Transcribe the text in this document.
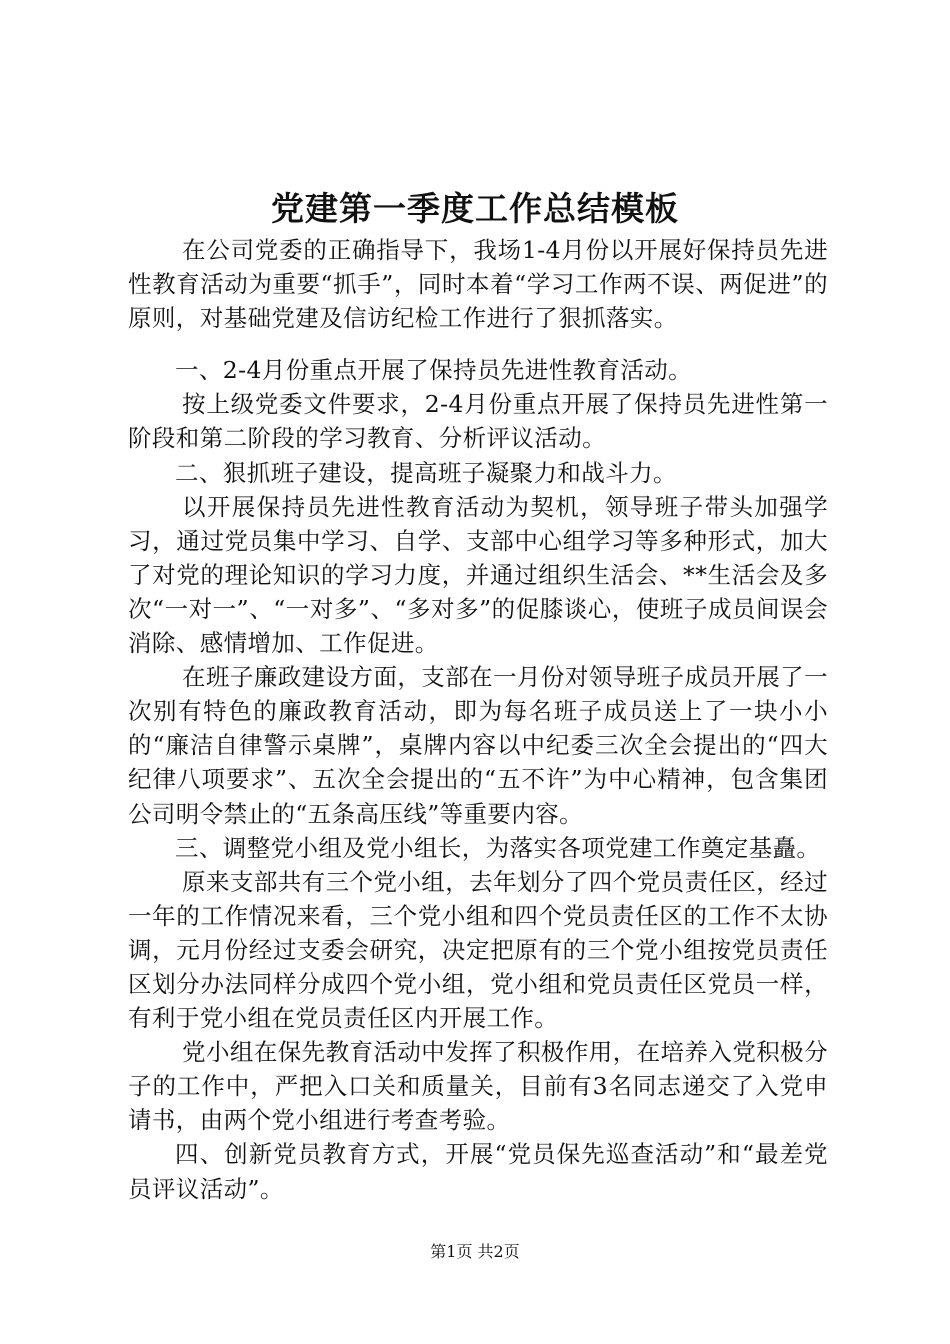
党建第一季度工作总结模板

在公司党委的正确指导下，我场1-4月份以开展好保持员先进性教育活动为重要“抓手”，同时本着“学习工作两不误、两促进”的原则，对基础党建及信访纪检工作进行了狠抓落实。

一、2-4月份重点开展了保持员先进性教育活动。

按上级党委文件要求，2-4月份重点开展了保持员先进性第一阶段和第二阶段的学习教育、分析评议活动。

二、狠抓班子建设，提高班子凝聚力和战斗力。

以开展保持员先进性教育活动为契机，领导班子带头加强学习，通过党员集中学习、自学、支部中心组学习等多种形式，加大了对党的理论知识的学习力度，并通过组织生活会、**生活会及多次“一对一”、“一对多”、“多对多”的促膝谈心，使班子成员间误会消除、感情增加、工作促进。

在班子廉政建设方面，支部在一月份对领导班子成员开展了一次别有特色的廉政教育活动，即为每名班子成员送上了一块小小的“廉洁自律警示桌牌”，桌牌内容以中纪委三次全会提出的“四大纪律八项要求”、五次全会提出的“五不许”为中心精神，包含集团公司明令禁止的“五条高压线”等重要内容。

三、调整党小组及党小组长，为落实各项党建工作奠定基矗。

原来支部共有三个党小组，去年划分了四个党员责任区，经过一年的工作情况来看，三个党小组和四个党员责任区的工作不太协调，元月份经过支委会研究，决定把原有的三个党小组按党员责任区划分办法同样分成四个党小组，党小组和党员责任区党员一样，有利于党小组在党员责任区内开展工作。

党小组在保先教育活动中发挥了积极作用，在培养入党积极分子的工作中，严把入口关和质量关，目前有3名同志递交了入党申请书，由两个党小组进行考查考验。

四、创新党员教育方式，开展“党员保先巡查活动”和“最差党员评议活动”。

第1页 共2页
